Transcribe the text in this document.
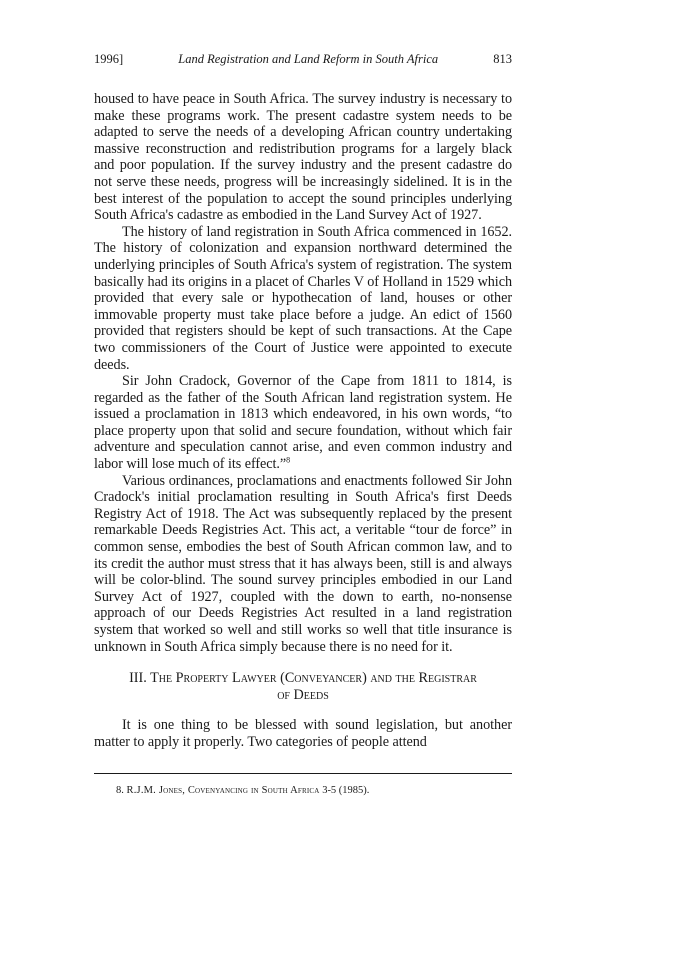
1996]	Land Registration and Land Reform in South Africa	813

housed to have peace in South Africa. The survey industry is necessary to make these programs work. The present cadastre system needs to be adapted to serve the needs of a developing African country undertaking massive reconstruction and redistribution programs for a largely black and poor population. If the survey industry and the present cadastre do not serve these needs, progress will be increasingly sidelined. It is in the best interest of the population to accept the sound principles underlying South Africa's cadastre as embodied in the Land Survey Act of 1927.

The history of land registration in South Africa commenced in 1652. The history of colonization and expansion northward determined the underlying principles of South Africa's system of registration. The system basically had its origins in a placet of Charles V of Holland in 1529 which provided that every sale or hypothecation of land, houses or other immovable property must take place before a judge. An edict of 1560 provided that registers should be kept of such transactions. At the Cape two commissioners of the Court of Justice were appointed to execute deeds.

Sir John Cradock, Governor of the Cape from 1811 to 1814, is regarded as the father of the South African land registration system. He issued a proclamation in 1813 which endeavored, in his own words, “to place property upon that solid and secure foundation, without which fair adventure and speculation cannot arise, and even common industry and labor will lose much of its effect.”$^8$

Various ordinances, proclamations and enactments followed Sir John Cradock's initial proclamation resulting in South Africa's first Deeds Registry Act of 1918. The Act was subsequently replaced by the present remarkable Deeds Registries Act. This act, a veritable “tour de force” in common sense, embodies the best of South African common law, and to its credit the author must stress that it has always been, still is and always will be color-blind. The sound survey principles embodied in our Land Survey Act of 1927, coupled with the down to earth, no-nonsense approach of our Deeds Registries Act resulted in a land registration system that worked so well and still works so well that title insurance is unknown in South Africa simply because there is no need for it.

III. The Property Lawyer (Conveyancer) and the Registrar
of Deeds

It is one thing to be blessed with sound legislation, but another matter to apply it properly. Two categories of people attend

8. R.J.M. Jones, Covenyancing in South Africa 3-5 (1985).
